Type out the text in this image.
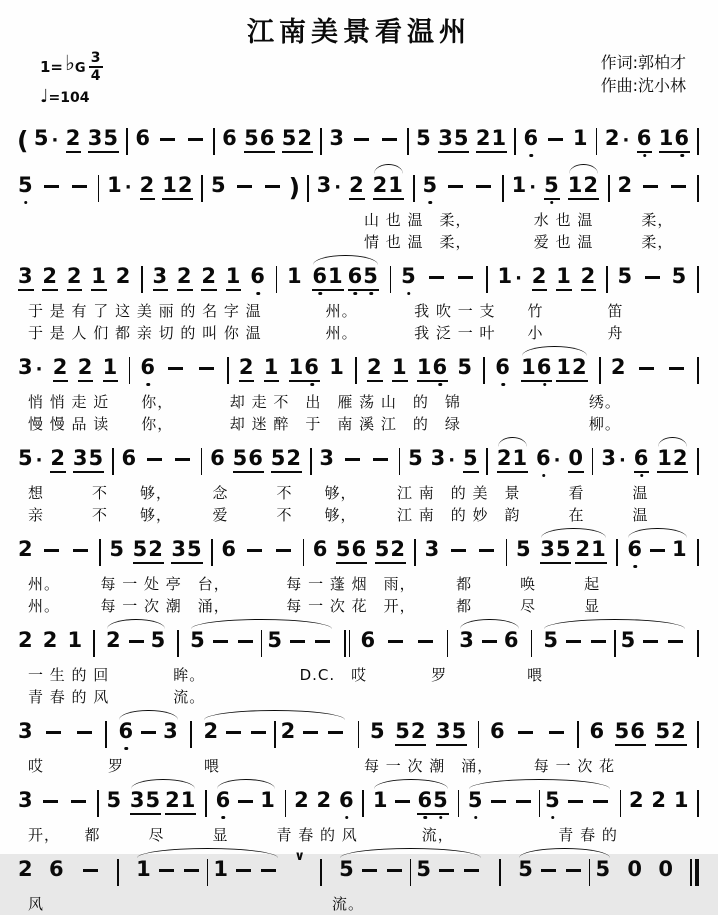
江南美景看温州
1= ♭ G $\frac{3}{4}$
♩=104
作词:郭柏才
作曲:沈小林
( 5 · 2 3 5 6	6 5 6 5 2 3	5 3 5 2 1 6 1 2 · 6 1 6
5	1 · 2 1 2 5 ) 3 · 2 2 1 5	1 · 5 1 2 2
　　　　　　　　　　　　　　　　　　　　　山 也 温　柔，　　　　 水 也 温　　　柔，
　　　　　　　　　　　　　　　　　　　　　情 也 温　柔，　　　　 爱 也 温　　　柔，
3 2 2 1 2 3 2 2 1 6 1 6 1 6 5 5	1 · 2 1 2 5 5
于 是 有 了 这 美 丽 的 名 字 温　　　　州。　　　　我 吹 一 支　　竹　　　　笛
于 是 人 们 都 亲 切 的 叫 你 温　　　　州。　　　　我 泛 一 叶　　小　　　　舟
3 · 2 2 1 6	2 1 1 6 1 2 1 1 6 5 6 1 6 1 2 2
悄 悄 走 近　　你，　　　　却 走 不　出　雁 荡 山　的　锦　　　　　　　　绣。
慢 慢 品 读　　你，　　　　却 迷 醉　于　南 溪 江　的　绿　　　　　　　　柳。
5 · 2 3 5 6	6 5 6 5 2 3	5 3 · 5 2 1 6 · 0 3 · 6 1 2
想　　　不　　够，　　　念　　　不　　够，　　　江 南　的 美　景　　　看　　　温
亲　　　不　　够，　　　爱　　　不　　够，　　　江 南　的 妙　韵　　　在　　　温
2	5 5 2 3 5 6	6 5 6 5 2 3	5 3 5 2 1 6 1
州。　　　每 一 处 亭　台，　　　　每 一 蓬 烟　雨，　　　都　　　唤　　　起
州。　　　每 一 次 潮　涌，　　　　每 一 次 花　开，　　　都　　　尽　　　显
2 2 1 2 5 5	5	6	3 6 5	5
一 生 的 回　　　　眸。　　　　　　 D.C.　哎　　　　罗　　　　　喂
青 春 的 风　　　　流。
3	6 3 2	2	5 5 2 3 5 6	6 5 6 5 2
哎　　　　罗　　　　　喂　　　　　　　　　每 一 次 潮　涌，　　　每 一 次 花
3	5 3 5 2 1 6 1 2 2 6 1 6 5 5	5	2 2 1
开，　　都　　　尽　　　显　　　青 春 的 风　　　　流，　　　　　　　青 春 的
2 6	1	1
∨
5	5	5	5 0 0
风　　　　　　　　　　　　　　　　　　流。
